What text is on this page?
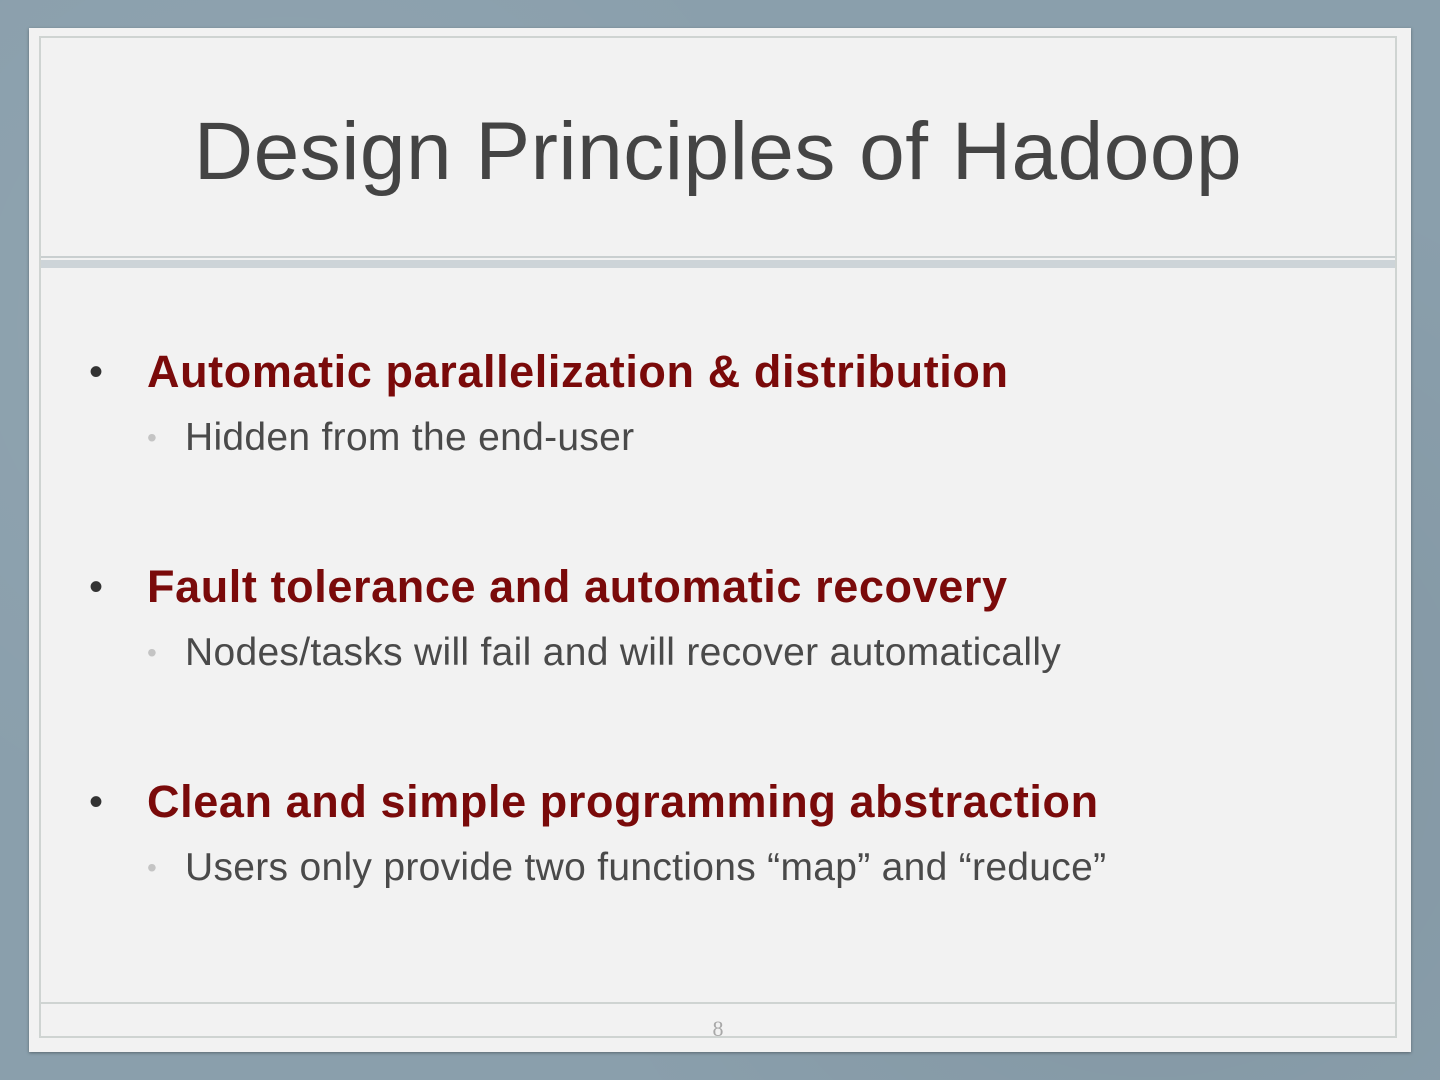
Design Principles of Hadoop
• Automatic parallelization & distribution
• Hidden from the end-user
• Fault tolerance and automatic recovery
• Nodes/tasks will fail and will recover automatically
• Clean and simple programming abstraction
• Users only provide two functions “map” and “reduce”
8
